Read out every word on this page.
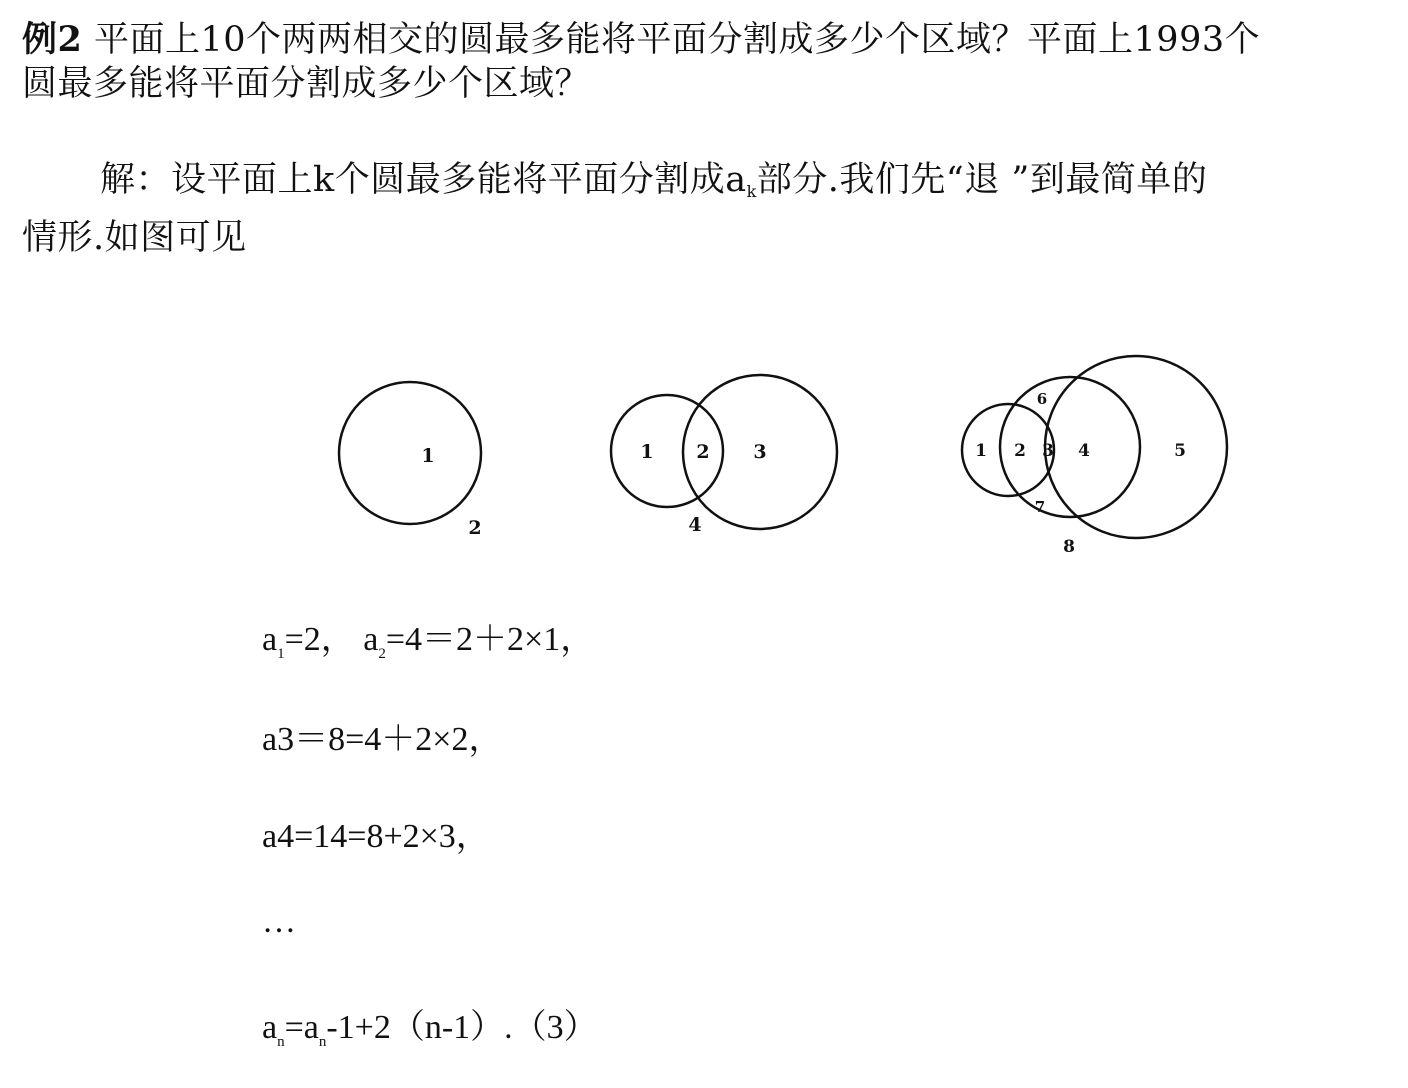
例2 平面上10个两两相交的圆最多能将平面分割成多少个区域？平面上1993个
圆最多能将平面分割成多少个区域？
解：设平面上k个圆最多能将平面分割成$a_k$部分.我们先“退 ”到最简单的
情形.如图可见
1
2
1 2 3
4
1 2 3 4	5
6
7
8
$a_1=2$， $a_2=4=2+2\times 1$，
a3＝8=4＋2×2，
a4=14=8+2×3，
…
$a_n=a_n-1+2(n-1).(3)$
